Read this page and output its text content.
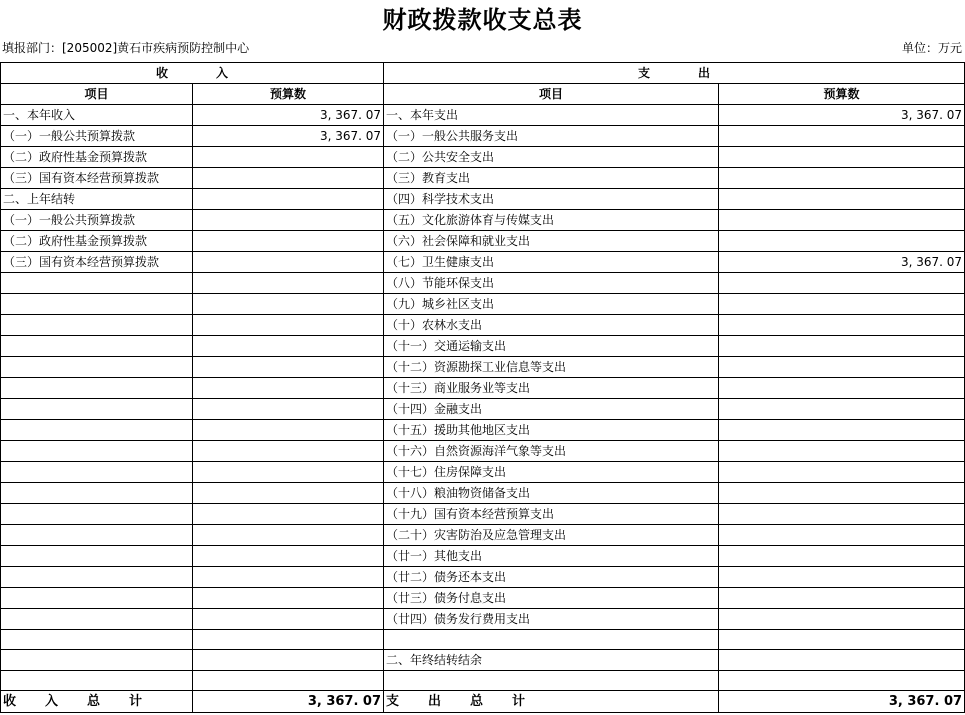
财政拨款收支总表
填报部门：[205002]黄石市疾病预防控制中心	单位：万元
收　　　　入		支　　　　出	
项目	预算数	项目	预算数
一、本年收入	3, 367. 07	一、本年支出	3, 367. 07
（一）一般公共预算拨款	3, 367. 07	（一）一般公共服务支出	
（二）政府性基金预算拨款		（二）公共安全支出	
（三）国有资本经营预算拨款		（三）教育支出	
二、上年结转		（四）科学技术支出	
（一）一般公共预算拨款		（五）文化旅游体育与传媒支出	
（二）政府性基金预算拨款		（六）社会保障和就业支出	
（三）国有资本经营预算拨款		（七）卫生健康支出	3, 367. 07
		（八）节能环保支出	
		（九）城乡社区支出	
		（十）农林水支出	
		（十一）交通运输支出	
		（十二）资源勘探工业信息等支出	
		（十三）商业服务业等支出	
		（十四）金融支出	
		（十五）援助其他地区支出	
		（十六）自然资源海洋气象等支出	
		（十七）住房保障支出	
		（十八）粮油物资储备支出	
		（十九）国有资本经营预算支出	
		（二十）灾害防治及应急管理支出	
		（廿一）其他支出	
		（廿二）债务还本支出	
		（廿三）债务付息支出	
		（廿四）债务发行费用支出	

		二、年终结转结余	

收　　入　　总　　计	3, 367. 07	支　　出　　总　　计	3, 367. 07
